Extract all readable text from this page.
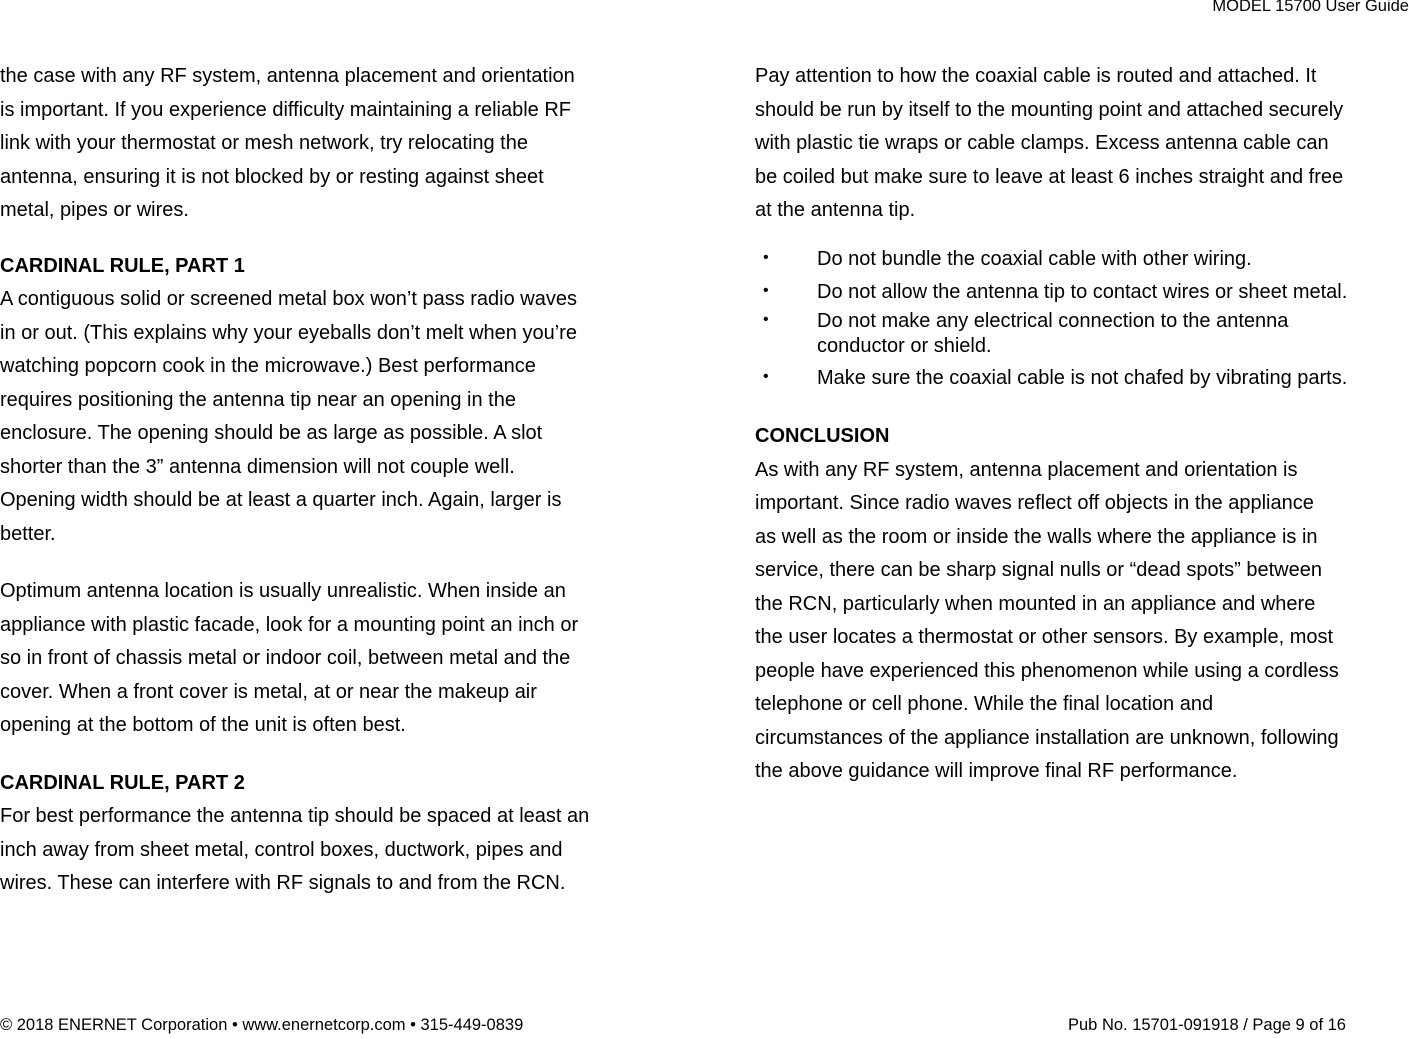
MODEL 15700 User Guide
the case with any RF system, antenna placement and orientation
is important. If you experience difficulty maintaining a reliable RF
link with your thermostat or mesh network, try relocating the
antenna, ensuring it is not blocked by or resting against sheet
metal, pipes or wires.
CARDINAL RULE, PART 1
A contiguous solid or screened metal box won’t pass radio waves
in or out. (This explains why your eyeballs don’t melt when you’re
watching popcorn cook in the microwave.) Best performance
requires positioning the antenna tip near an opening in the
enclosure. The opening should be as large as possible. A slot
shorter than the 3” antenna dimension will not couple well.
Opening width should be at least a quarter inch. Again, larger is
better.
Optimum antenna location is usually unrealistic. When inside an
appliance with plastic facade, look for a mounting point an inch or
so in front of chassis metal or indoor coil, between metal and the
cover. When a front cover is metal, at or near the makeup air
opening at the bottom of the unit is often best.
CARDINAL RULE, PART 2
For best performance the antenna tip should be spaced at least an
inch away from sheet metal, control boxes, ductwork, pipes and
wires. These can interfere with RF signals to and from the RCN.
Pay attention to how the coaxial cable is routed and attached. It
should be run by itself to the mounting point and attached securely
with plastic tie wraps or cable clamps. Excess antenna cable can
be coiled but make sure to leave at least 6 inches straight and free
at the antenna tip.
• Do not bundle the coaxial cable with other wiring.
• Do not allow the antenna tip to contact wires or sheet metal.
• Do not make any electrical connection to the antenna
conductor or shield.
• Make sure the coaxial cable is not chafed by vibrating parts.
CONCLUSION
As with any RF system, antenna placement and orientation is
important. Since radio waves reflect off objects in the appliance
as well as the room or inside the walls where the appliance is in
service, there can be sharp signal nulls or “dead spots” between
the RCN, particularly when mounted in an appliance and where
the user locates a thermostat or other sensors. By example, most
people have experienced this phenomenon while using a cordless
telephone or cell phone. While the final location and
circumstances of the appliance installation are unknown, following
the above guidance will improve final RF performance.
© 2018 ENERNET Corporation • www.enernetcorp.com • 315-449-0839	Pub No. 15701-091918 / Page 9 of 16
